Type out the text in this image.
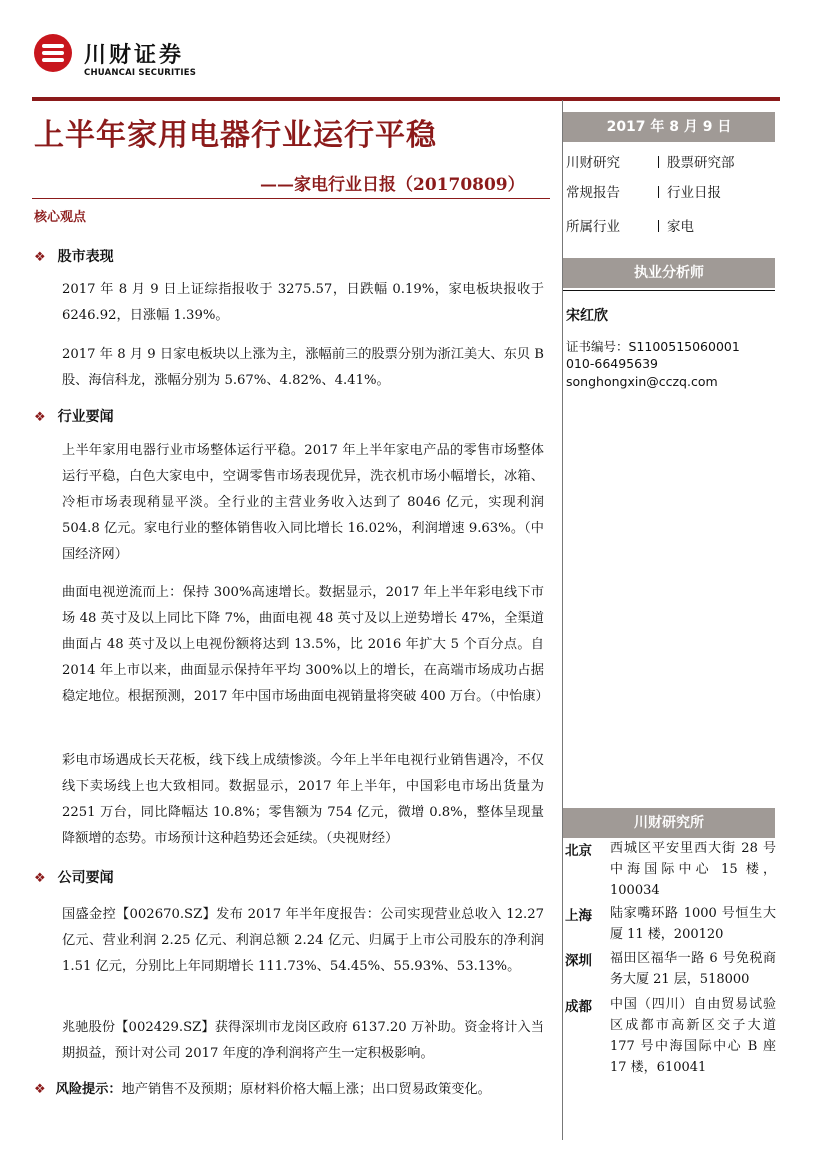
川财证券
CHUANCAI SECURITIES
上半年家用电器行业运行平稳
——家电行业日报（20170809）
核心观点
❖ 股市表现
2017 年 8 月 9 日上证综指报收于 3275.57，日跌幅 0.19%，家电板块报收于 6246.92，日涨幅 1.39%。
2017 年 8 月 9 日家电板块以上涨为主，涨幅前三的股票分别为浙江美大、东贝 B 股、海信科龙，涨幅分别为 5.67%、4.82%、4.41%。
❖ 行业要闻
上半年家用电器行业市场整体运行平稳。2017 年上半年家电产品的零售市场整体运行平稳，白色大家电中，空调零售市场表现优异，洗衣机市场小幅增长，冰箱、冷柜市场表现稍显平淡。全行业的主营业务收入达到了 8046 亿元，实现利润 504.8 亿元。家电行业的整体销售收入同比增长 16.02%，利润增速 9.63%。（中国经济网）
曲面电视逆流而上：保持 300%高速增长。数据显示，2017 年上半年彩电线下市场 48 英寸及以上同比下降 7%，曲面电视 48 英寸及以上逆势增长 47%，全渠道曲面占 48 英寸及以上电视份额将达到 13.5%，比 2016 年扩大 5 个百分点。自 2014 年上市以来，曲面显示保持年平均 300%以上的增长，在高端市场成功占据稳定地位。根据预测，2017 年中国市场曲面电视销量将突破 400 万台。（中怡康）
彩电市场遇成长天花板，线下线上成绩惨淡。今年上半年电视行业销售遇冷，不仅线下卖场线上也大致相同。数据显示，2017 年上半年，中国彩电市场出货量为 2251 万台，同比降幅达 10.8%；零售额为 754 亿元，微增 0.8%，整体呈现量降额增的态势。市场预计这种趋势还会延续。（央视财经）
❖ 公司要闻
国盛金控【002670.SZ】发布 2017 年半年度报告：公司实现营业总收入 12.27 亿元、营业利润 2.25 亿元、利润总额 2.24 亿元、归属于上市公司股东的净利润 1.51 亿元，分别比上年同期增长 111.73%、54.45%、55.93%、53.13%。
兆驰股份【002429.SZ】获得深圳市龙岗区政府 6137.20 万补助。资金将计入当期损益，预计对公司 2017 年度的净利润将产生一定积极影响。
❖ 风险提示：地产销售不及预期；原材料价格大幅上涨；出口贸易政策变化。
2017 年 8 月 9 日
川财研究	股票研究部
常规报告	行业日报
所属行业	家电
执业分析师
宋红欣
证书编号：S1100515060001
010-66495639
songhongxin@cczq.com
川财研究所
北京 西城区平安里西大街 28 号中海国际中心 15 楼，100034
上海 陆家嘴环路 1000 号恒生大厦 11 楼，200120
深圳 福田区福华一路 6 号免税商务大厦 21 层，518000
成都 中国（四川）自由贸易试验区成都市高新区交子大道 177 号中海国际中心 B 座 17 楼，610041
